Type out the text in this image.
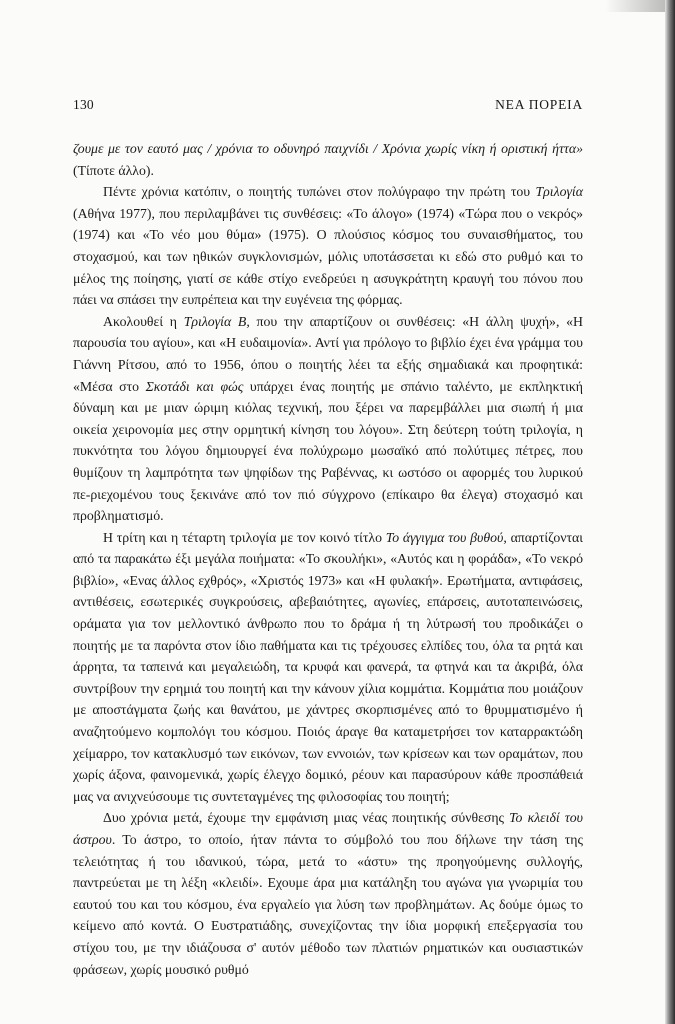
130	ΝΕΑ ΠΟΡΕΙΑ

ζουμε με τον εαυτό μας / χρόνια το οδυνηρό παιχνίδι / Χρόνια χωρίς νίκη ή οριστική ήττα» (Τίποτε άλλο).

Πέντε χρόνια κατόπιν, ο ποιητής τυπώνει στον πολύγραφο την πρώτη του Τριλογία (Αθήνα 1977), που περιλαμβάνει τις συνθέσεις: «Το άλογο» (1974) «Τώρα που ο νεκρός» (1974) και «Το νέο μου θύμα» (1975). Ο πλούσιος κόσμος του συναισθήματος, του στοχασμού, και των ηθικών συγκλονισμών, μόλις υποτάσσεται κι εδώ στο ρυθμό και το μέλος της ποίησης, γιατί σε κάθε στίχο ενεδρεύει η ασυγκράτητη κραυγή του πόνου που πάει να σπάσει την ευπρέπεια και την ευγένεια της φόρμας.

Ακολουθεί η Τριλογία Β, που την απαρτίζουν οι συνθέσεις: «Η άλλη ψυχή», «Η παρουσία του αγίου», και «Η ευδαιμονία». Αντί για πρόλογο το βιβλίο έχει ένα γράμμα του Γιάννη Ρίτσου, από το 1956, όπου ο ποιητής λέει τα εξής σημαδιακά και προφητικά: «Μέσα στο Σκοτάδι και φώς υπάρχει ένας ποιητής με σπάνιο ταλέντο, με εκπληκτική δύναμη και με μιαν ώριμη κιόλας τεχνική, που ξέρει να παρεμβάλλει μια σιωπή ή μια οικεία χειρονομία μες στην ορμητική κίνηση του λόγου». Στη δεύτερη τούτη τριλογία, η πυκνότητα του λόγου δημιουργεί ένα πολύχρωμο μωσαϊκό από πολύτιμες πέτρες, που θυμίζουν τη λαμπρότητα των ψηφίδων της Ραβέννας, κι ωστόσο οι αφορμές του λυρικού πε-ριεχομένου τους ξεκινάνε από τον πιό σύγχρονο (επίκαιρο θα έλεγα) στοχασμό και προβληματισμό.

Η τρίτη και η τέταρτη τριλογία με τον κοινό τίτλο Το άγγιγμα του βυθού, απαρτίζονται από τα παρακάτω έξι μεγάλα ποιήματα: «Το σκουλήκι», «Αυτός και η φοράδα», «Το νεκρό βιβλίο», «Ενας άλλος εχθρός», «Χριστός 1973» και «Η φυλακή». Ερωτήματα, αντιφάσεις, αντιθέσεις, εσωτερικές συγκρούσεις, αβεβαιότητες, αγωνίες, επάρσεις, αυτοταπεινώσεις, οράματα για τον μελλοντικό άνθρωπο που το δράμα ή τη λύτρωσή του προδικάζει ο ποιητής με τα παρόντα στον ίδιο παθήματα και τις τρέχουσες ελπίδες του, όλα τα ρητά και άρρητα, τα ταπεινά και μεγαλειώδη, τα κρυφά και φανερά, τα φτηνά και τα ἀκριβά, όλα συντρίβουν την ερημιά του ποιητή και την κάνουν χίλια κομμάτια. Κομμάτια που μοιάζουν με αποστάγματα ζωής και θανάτου, με χάντρες σκορπισμένες από το θρυμματισμένο ή αναζητούμενο κομπολόγι του κόσμου. Ποιός άραγε θα καταμετρήσει τον καταρρακτώδη χείμαρρο, τον κατακλυσμό των εικόνων, των εννοιών, των κρίσεων και των οραμάτων, που χωρίς άξονα, φαινομενικά, χωρίς έλεγχο δομικό, ρέουν και παρασύρουν κάθε προσπάθειά μας να ανιχνεύσουμε τις συντεταγμένες της φιλοσοφίας του ποιητή;

Δυο χρόνια μετά, έχουμε την εμφάνιση μιας νέας ποιητικής σύνθεσης Το κλειδί του άστρου. Το άστρο, το οποίο, ήταν πάντα το σύμβολό του που δήλωνε την τάση της τελειότητας ή του ιδανικού, τώρα, μετά το «άστυ» της προηγούμενης συλλογής, παντρεύεται με τη λέξη «κλειδί». Εχουμε άρα μια κατάληξη του αγώνα για γνωριμία του εαυτού του και του κόσμου, ένα εργαλείο για λύση των προβλημάτων. Ας δούμε όμως το κείμενο από κοντά. Ο Ευστρατιάδης, συνεχίζοντας την ίδια μορφική επεξεργασία του στίχου του, με την ιδιάζουσα σ' αυτόν μέθοδο των πλατιών ρηματικών και ουσιαστικών φράσεων, χωρίς μουσικό ρυθμό
